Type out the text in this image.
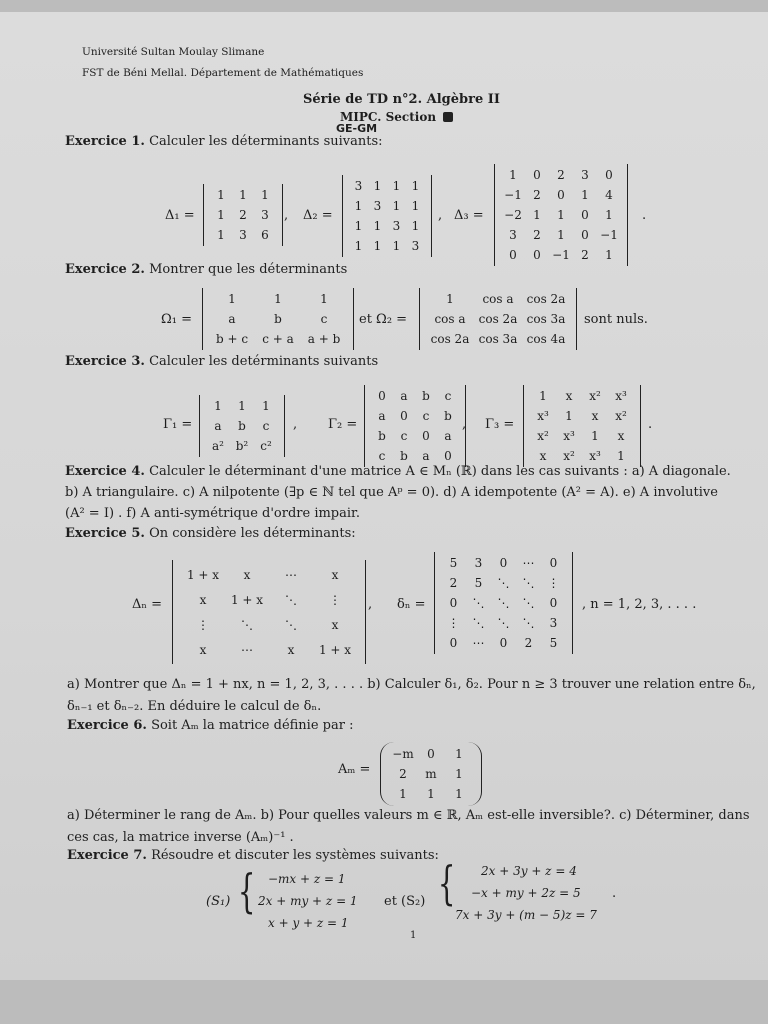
Université Sultan Moulay Slimane
FST de Béni Mellal. Département de Mathématiques
Série de TD n°2. Algèbre II
MIPC. Section
GE-GM
Exercice 1. Calculer les déterminants suivants:
Δ₁ =
1	1	1
1	2	3
1	3	6
, Δ₂ =
3	1	1	1
1	3	1	1
1	1	3	1
1	1	1	3
, Δ₃ =
1	0	2	3	0
−1	2	0	1	4
−2	1	1	0	1
3	2	1	0	−1
0	0	−1	2	1
.
Exercice 2. Montrer que les déterminants
Ω₁ =
1	1	1
a	b	c
b + c	c + a	a + b
et Ω₂ =
1	cos a	cos 2a
cos a	cos 2a	cos 3a
cos 2a	cos 3a	cos 4a
sont nuls.
Exercice 3. Calculer les detérminants suivants
Γ₁ =
1	1	1
a	b	c
a²	b²	c²
, Γ₂ =
0	a	b	c
a	0	c	b
b	c	0	a
c	b	a	0
, Γ₃ =
1	x	x²	x³
x³	1	x	x²
x²	x³	1	x
x	x²	x³	1
.
Exercice 4. Calculer le déterminant d'une matrice A ∈ Mₙ (ℝ) dans les cas suivants : a) A diagonale.
b) A triangulaire. c) A nilpotente (∃p ∈ ℕ tel que Aᵖ = 0). d) A idempotente (A² = A). e) A involutive
(A² = I) . f) A anti-symétrique d'ordre impair.
Exercice 5. On considère les déterminants:
Δₙ =
1 + x	x	⋯	x
x	1 + x	⋱	⋮
⋮	⋱	⋱	x
x	⋯	x	1 + x
, δₙ =
5	3	0	⋯	0
2	5	⋱	⋱	⋮
0	⋱	⋱	⋱	0
⋮	⋱	⋱	⋱	3
0	⋯	0	2	5
, n = 1, 2, 3, . . . .
a) Montrer que Δₙ = 1 + nx, n = 1, 2, 3, . . . . b) Calculer δ₁, δ₂. Pour n ≥ 3 trouver une relation entre δₙ,
δₙ₋₁ et δₙ₋₂. En déduire le calcul de δₙ.
Exercice 6. Soit Aₘ la matrice définie par :
Aₘ =
−m	0	1
2	m	1
1	1	1
a) Déterminer le rang de Aₘ. b) Pour quelles valeurs m ∈ ℝ, Aₘ est-elle inversible?. c) Déterminer, dans
ces cas, la matrice inverse (Aₘ)⁻¹ .
Exercice 7. Résoudre et discuter les systèmes suivants:
(S₁) { −mx + z = 1
2x + my + z = 1
x + y + z = 1
et (S₂) { 2x + 3y + z = 4
−x + my + 2z = 5
7x + 3y + (m − 5)z = 7
.
1
